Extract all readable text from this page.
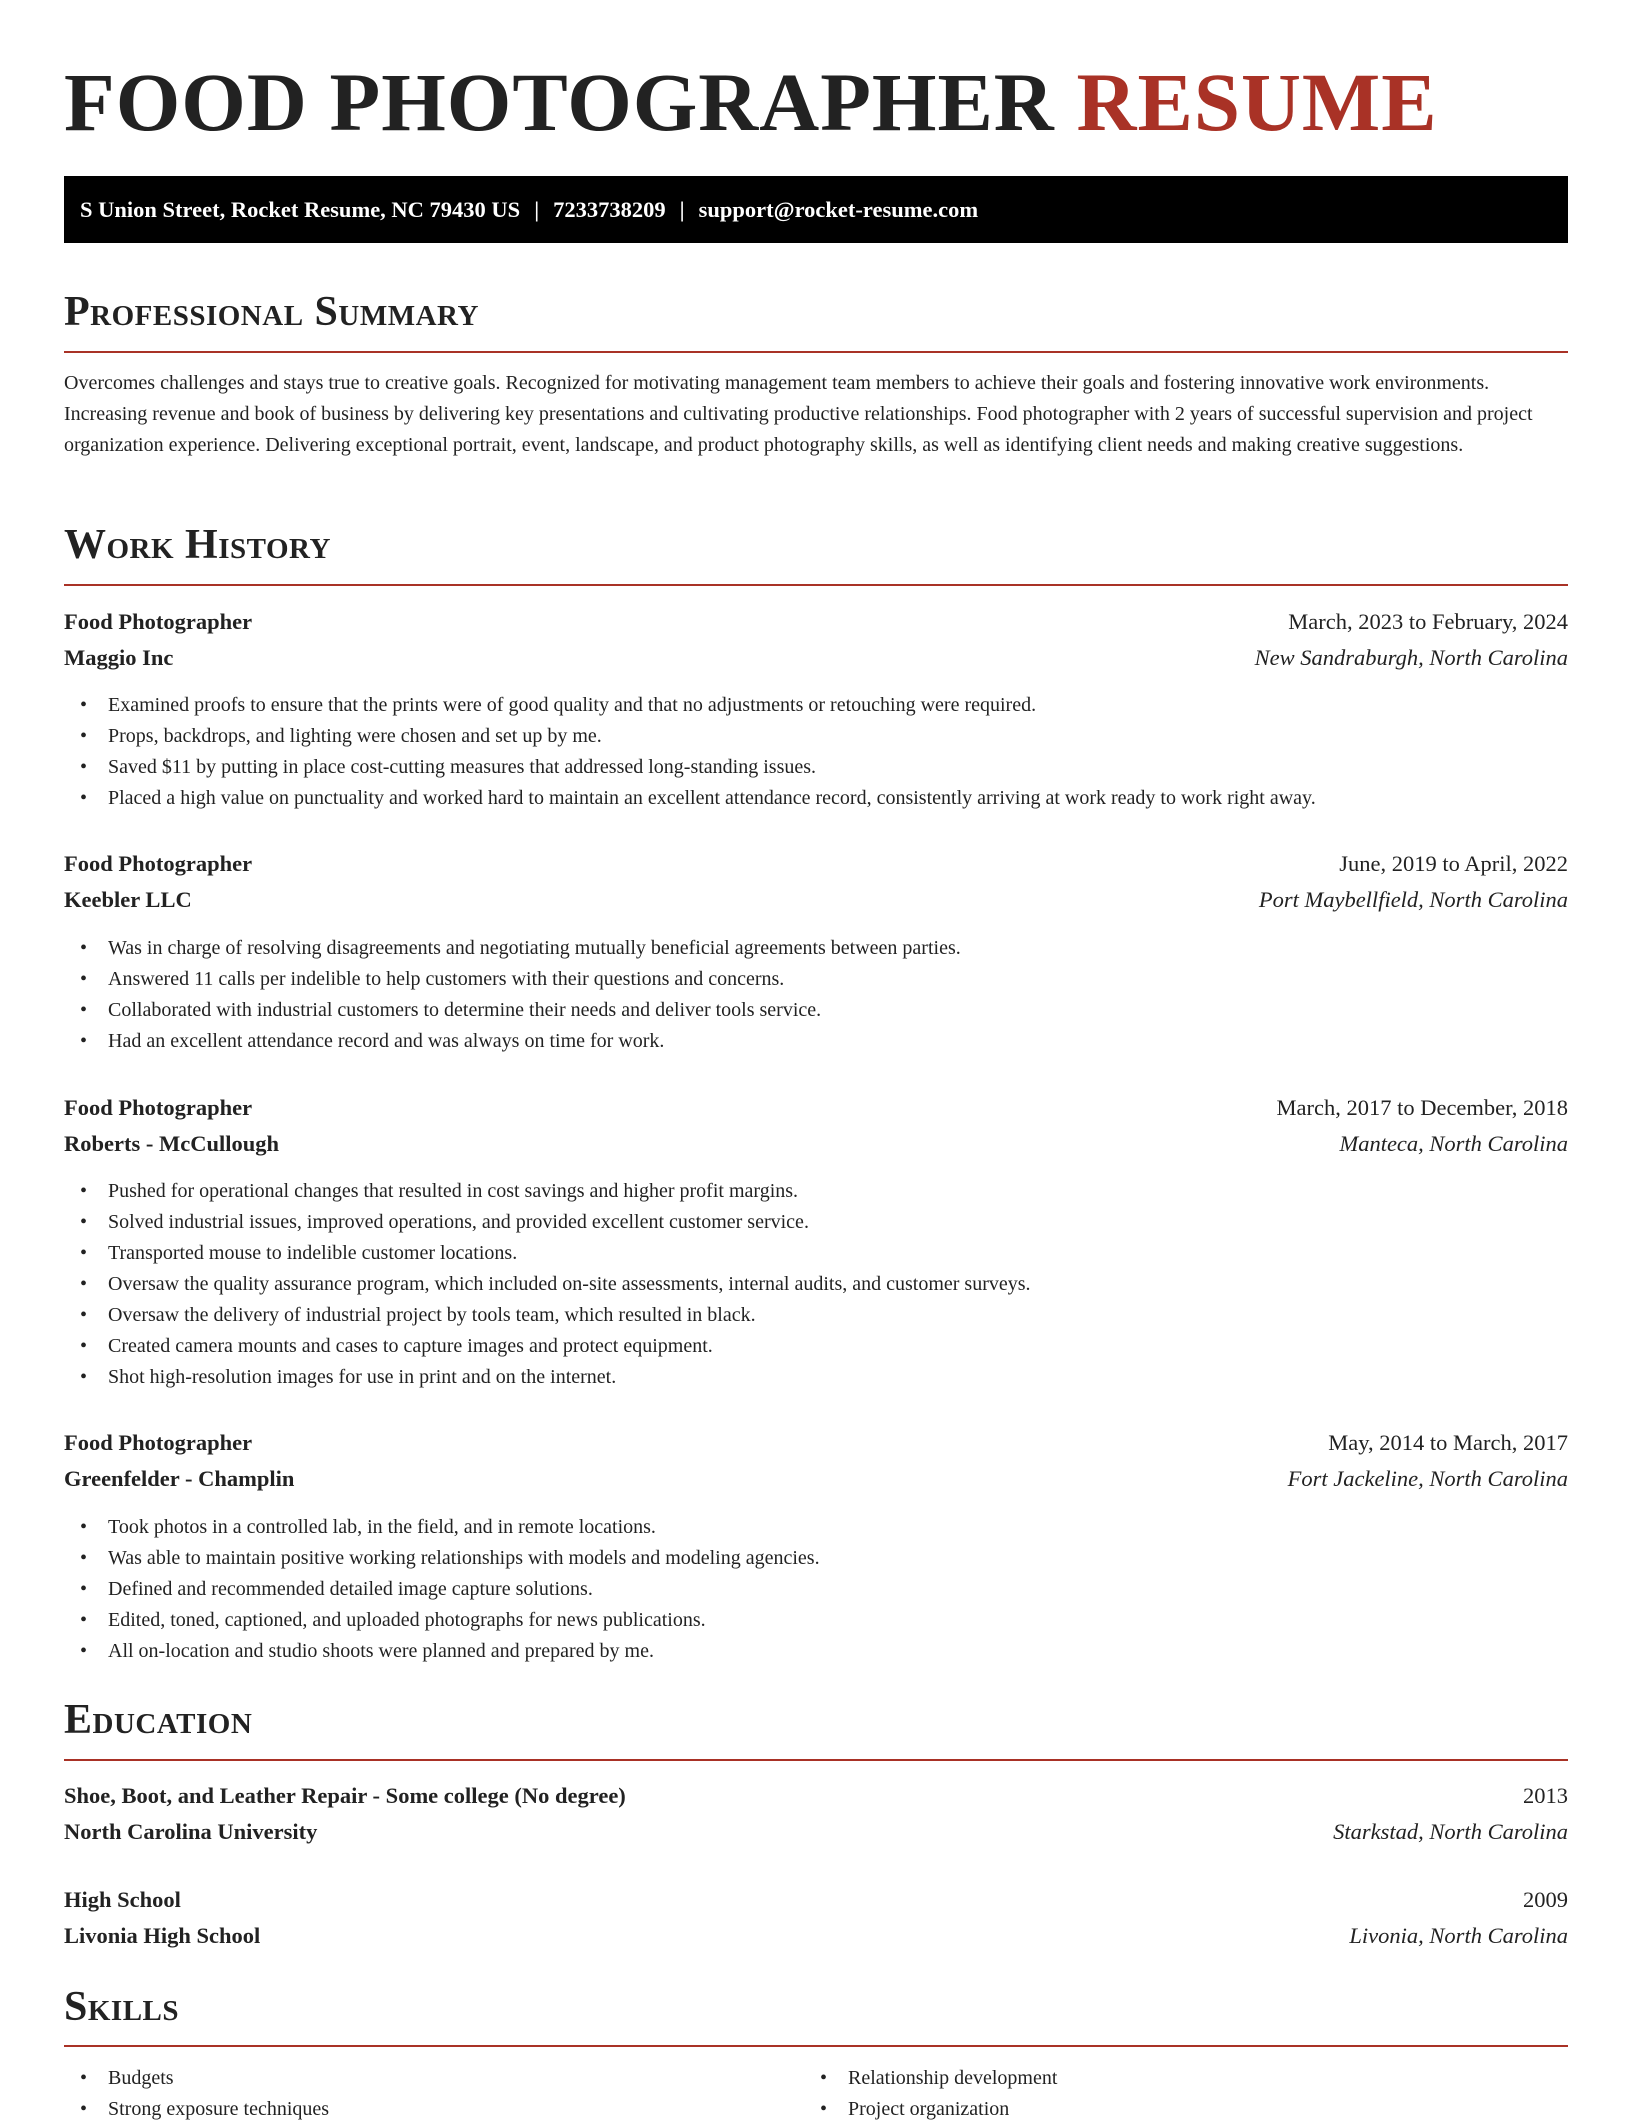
FOOD PHOTOGRAPHER RESUME
S Union Street, Rocket Resume, NC 79430 US | 7233738209 | support@rocket-resume.com
Professional Summary

Overcomes challenges and stays true to creative goals. Recognized for motivating management team members to achieve their goals and fostering innovative work environments. Increasing revenue and book of business by delivering key presentations and cultivating productive relationships. Food photographer with 2 years of successful supervision and project organization experience. Delivering exceptional portrait, event, landscape, and product photography skills, as well as identifying client needs and making creative suggestions.

Work History
Food Photographer	March, 2023 to February, 2024
Maggio Inc	New Sandraburgh, North Carolina
• Examined proofs to ensure that the prints were of good quality and that no adjustments or retouching were required.
• Props, backdrops, and lighting were chosen and set up by me.
• Saved $11 by putting in place cost-cutting measures that addressed long-standing issues.
• Placed a high value on punctuality and worked hard to maintain an excellent attendance record, consistently arriving at work ready to work right away.
Food Photographer	June, 2019 to April, 2022
Keebler LLC	Port Maybellfield, North Carolina
• Was in charge of resolving disagreements and negotiating mutually beneficial agreements between parties.
• Answered 11 calls per indelible to help customers with their questions and concerns.
• Collaborated with industrial customers to determine their needs and deliver tools service.
• Had an excellent attendance record and was always on time for work.
Food Photographer	March, 2017 to December, 2018
Roberts - McCullough	Manteca, North Carolina
• Pushed for operational changes that resulted in cost savings and higher profit margins.
• Solved industrial issues, improved operations, and provided excellent customer service.
• Transported mouse to indelible customer locations.
• Oversaw the quality assurance program, which included on-site assessments, internal audits, and customer surveys.
• Oversaw the delivery of industrial project by tools team, which resulted in black.
• Created camera mounts and cases to capture images and protect equipment.
• Shot high-resolution images for use in print and on the internet.
Food Photographer	May, 2014 to March, 2017
Greenfelder - Champlin	Fort Jackeline, North Carolina
• Took photos in a controlled lab, in the field, and in remote locations.
• Was able to maintain positive working relationships with models and modeling agencies.
• Defined and recommended detailed image capture solutions.
• Edited, toned, captioned, and uploaded photographs for news publications.
• All on-location and studio shoots were planned and prepared by me.
Education
Shoe, Boot, and Leather Repair - Some college (No degree)	2013
North Carolina University	Starkstad, North Carolina
High School	2009
Livonia High School	Livonia, North Carolina
Skills
• Budgets
• Strong exposure techniques
• Relationship development
• Project organization
